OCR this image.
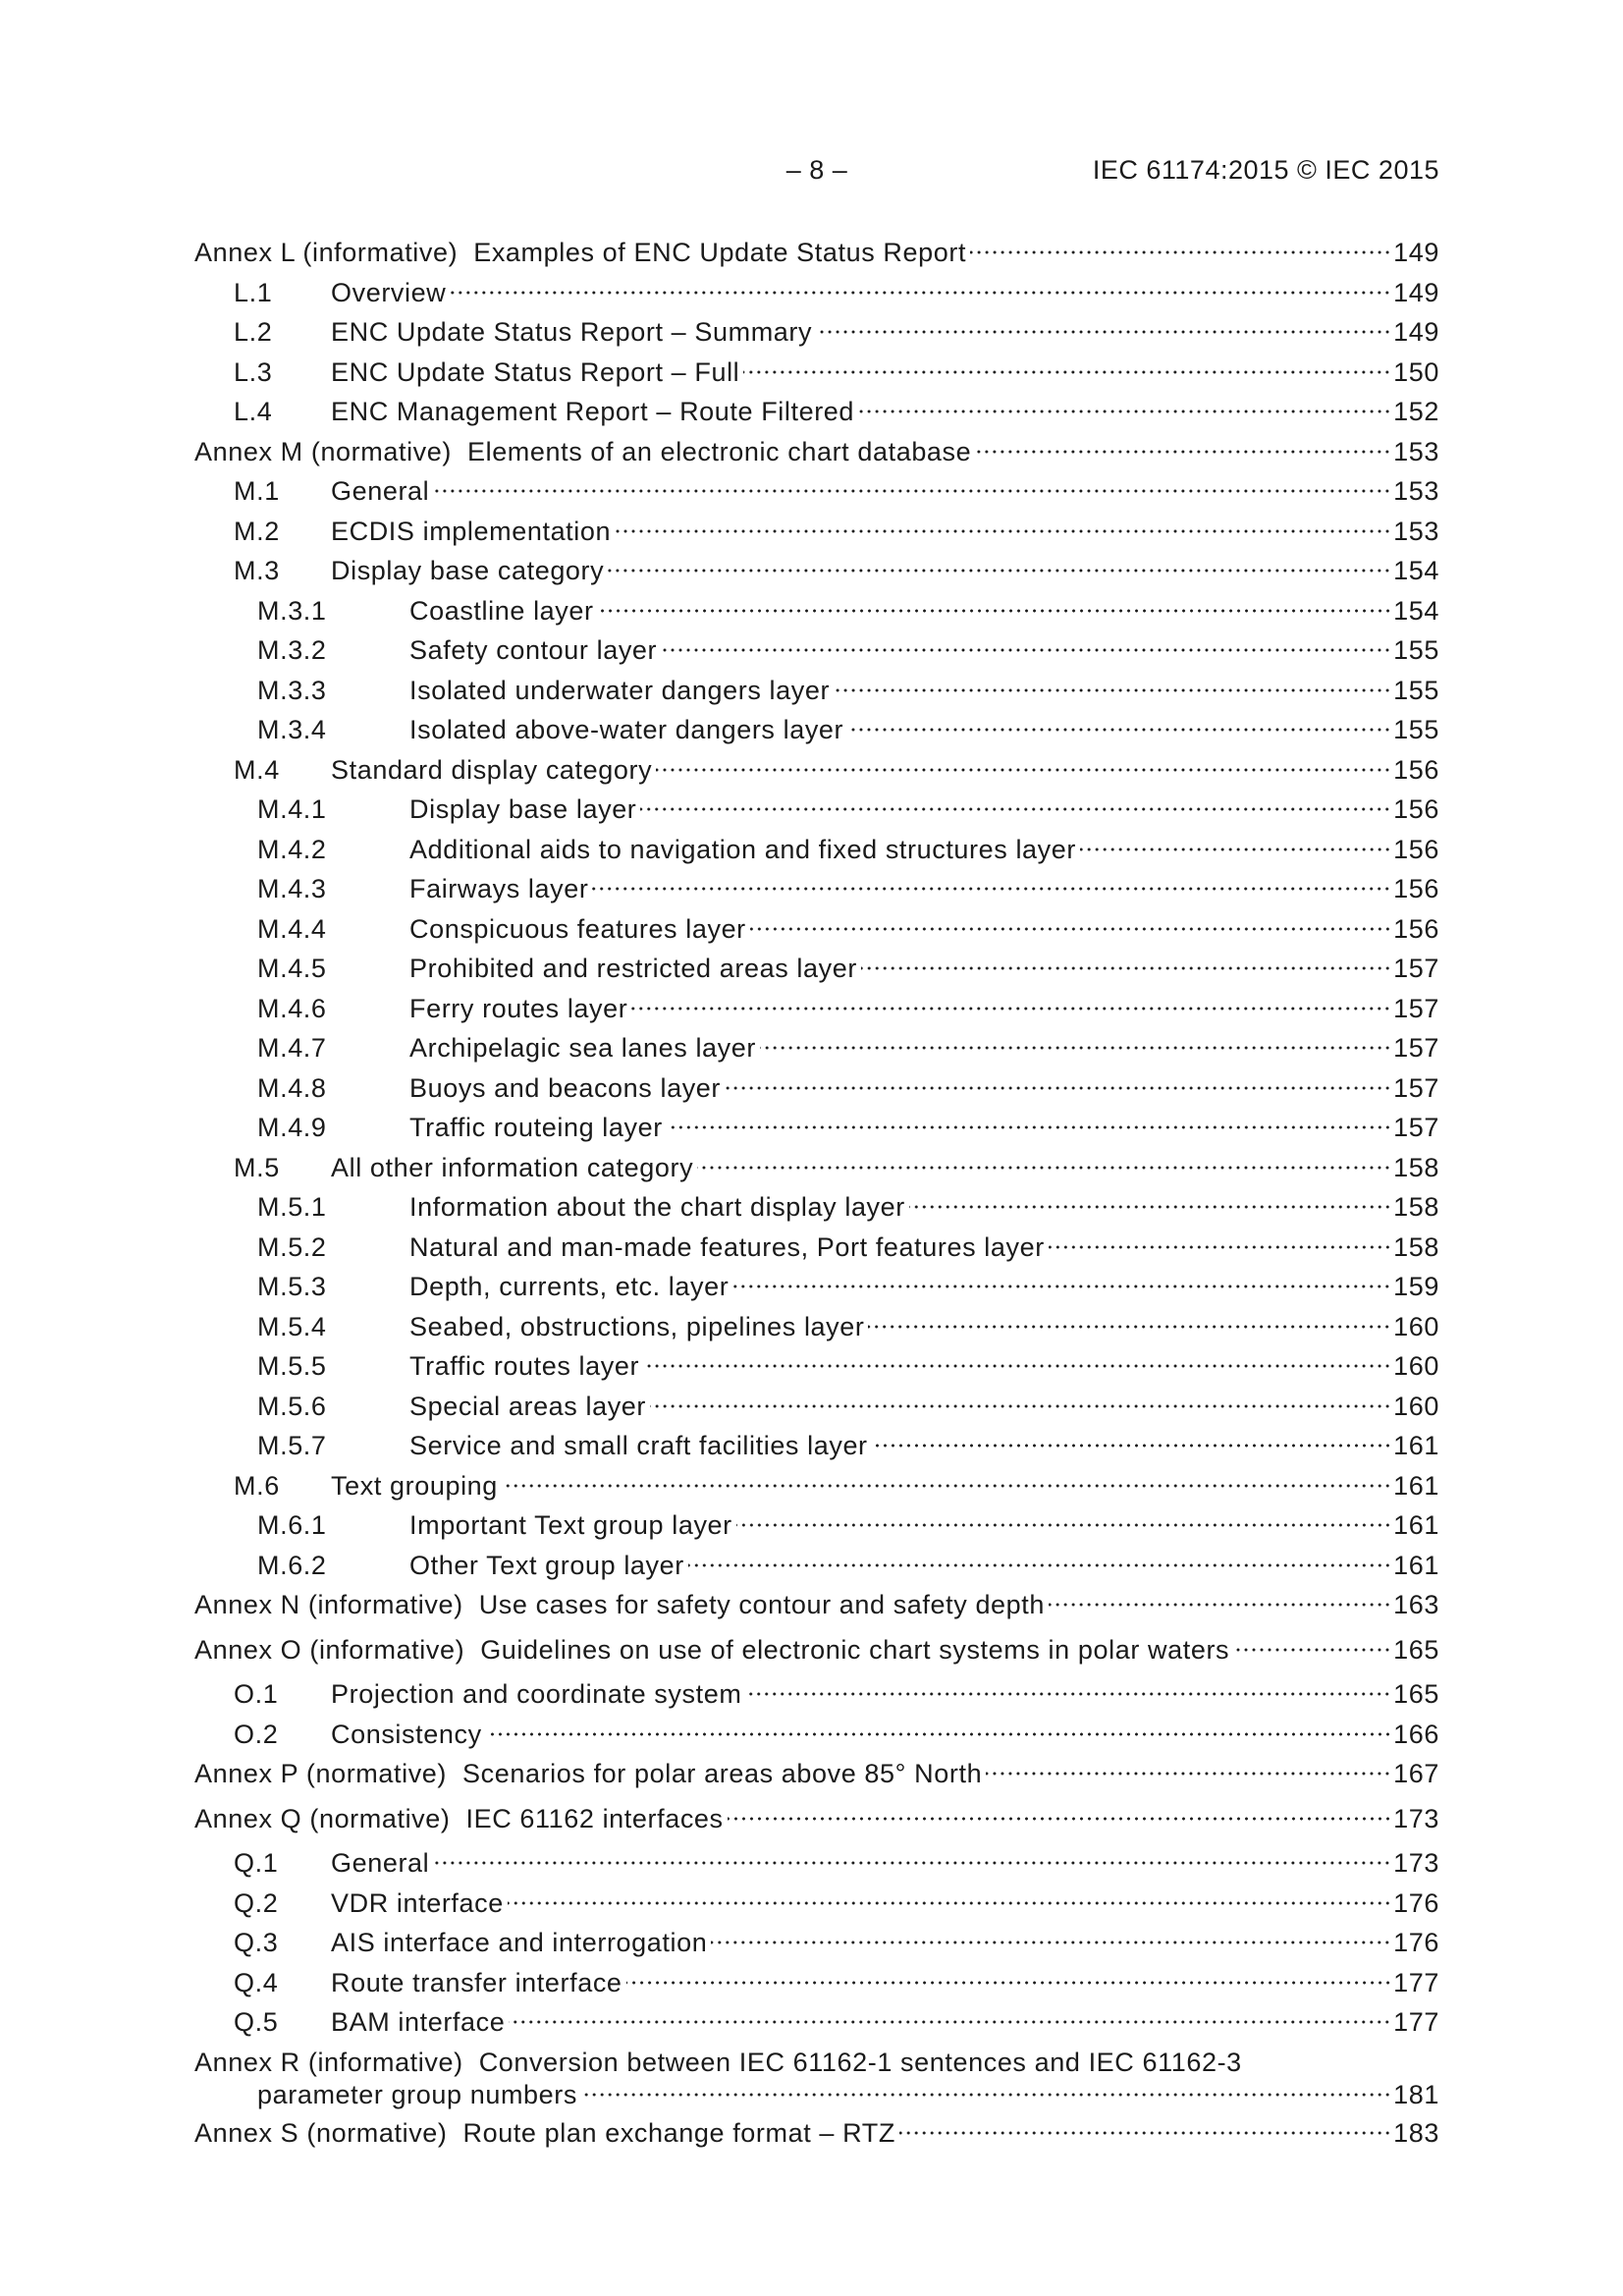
– 8 –	IEC 61174:2015 © IEC 2015
Annex L (informative) Examples of ENC Update Status Report	149
L.1	Overview	149
L.2	ENC Update Status Report – Summary	149
L.3	ENC Update Status Report – Full	150
L.4	ENC Management Report – Route Filtered	152
Annex M (normative) Elements of an electronic chart database	153
M.1	General	153
M.2	ECDIS implementation	153
M.3	Display base category	154
M.3.1	Coastline layer	154
M.3.2	Safety contour layer	155
M.3.3	Isolated underwater dangers layer	155
M.3.4	Isolated above-water dangers layer	155
M.4	Standard display category	156
M.4.1	Display base layer	156
M.4.2	Additional aids to navigation and fixed structures layer	156
M.4.3	Fairways layer	156
M.4.4	Conspicuous features layer	156
M.4.5	Prohibited and restricted areas layer	157
M.4.6	Ferry routes layer	157
M.4.7	Archipelagic sea lanes layer	157
M.4.8	Buoys and beacons layer	157
M.4.9	Traffic routeing layer	157
M.5	All other information category	158
M.5.1	Information about the chart display layer	158
M.5.2	Natural and man-made features, Port features layer	158
M.5.3	Depth, currents, etc. layer	159
M.5.4	Seabed, obstructions, pipelines layer	160
M.5.5	Traffic routes layer	160
M.5.6	Special areas layer	160
M.5.7	Service and small craft facilities layer	161
M.6	Text grouping	161
M.6.1	Important Text group layer	161
M.6.2	Other Text group layer	161
Annex N (informative) Use cases for safety contour and safety depth	163
Annex O (informative) Guidelines on use of electronic chart systems in polar waters	165
O.1	Projection and coordinate system	165
O.2	Consistency	166
Annex P (normative) Scenarios for polar areas above 85° North	167
Annex Q (normative) IEC 61162 interfaces	173
Q.1	General	173
Q.2	VDR interface	176
Q.3	AIS interface and interrogation	176
Q.4	Route transfer interface	177
Q.5	BAM interface	177
Annex R (informative) Conversion between IEC 61162-1 sentences and IEC 61162-3
parameter group numbers	181
Annex S (normative) Route plan exchange format – RTZ	183
